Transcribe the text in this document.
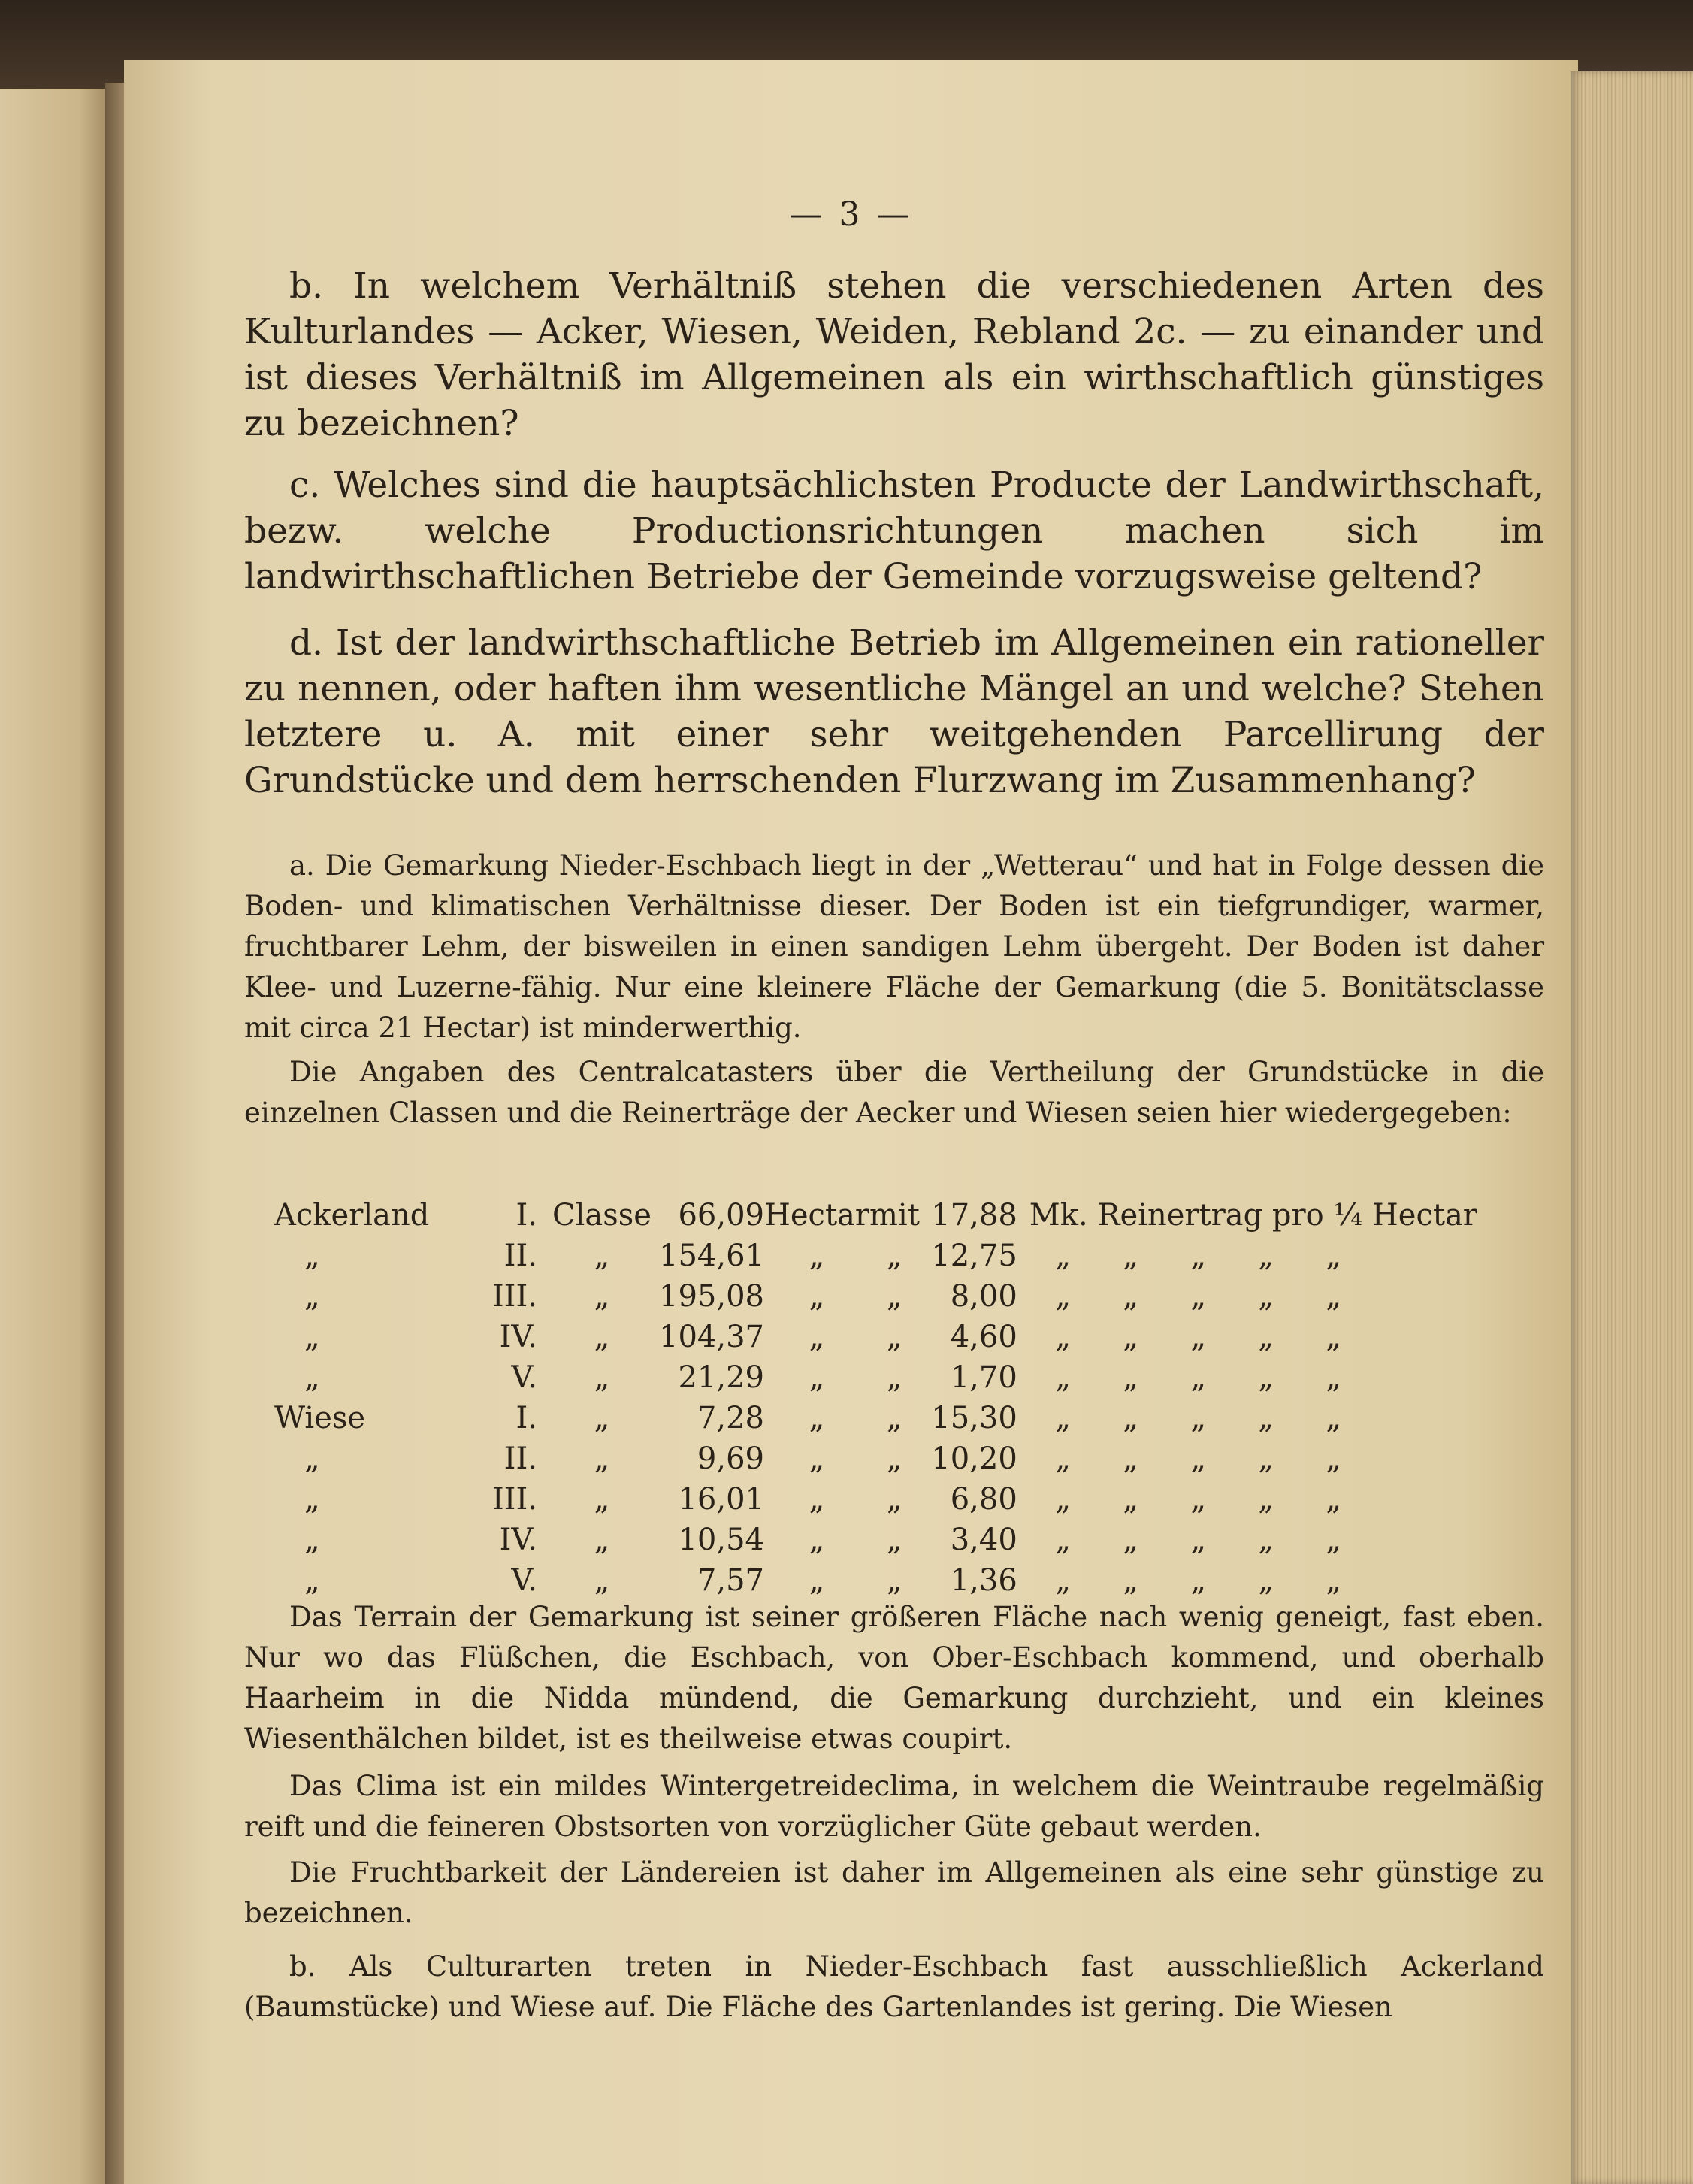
— 3 —

b. In welchem Verhältniß stehen die verschiedenen Arten des Kulturlandes — Acker, Wiesen, Weiden, Rebland 2c. — zu einander und ist dieses Verhältniß im Allgemeinen als ein wirthschaftlich günstiges zu bezeichnen?

c. Welches sind die hauptsächlichsten Producte der Landwirthschaft, bezw. welche Productionsrichtungen machen sich im landwirthschaftlichen Betriebe der Gemeinde vorzugsweise geltend?

d. Ist der landwirthschaftliche Betrieb im Allgemeinen ein rationeller zu nennen, oder haften ihm wesentliche Mängel an und welche? Stehen letztere u. A. mit einer sehr weitgehenden Parcellirung der Grundstücke und dem herrschenden Flurzwang im Zusammenhang?

a. Die Gemarkung Nieder-Eschbach liegt in der „Wetterau“ und hat in Folge dessen die Boden- und klimatischen Verhältnisse dieser. Der Boden ist ein tiefgrundiger, warmer, fruchtbarer Lehm, der bisweilen in einen sandigen Lehm übergeht. Der Boden ist daher Klee- und Luzerne-fähig. Nur eine kleinere Fläche der Gemarkung (die 5. Bonitätsclasse mit circa 21 Hectar) ist minderwerthig.

Die Angaben des Centralcatasters über die Vertheilung der Grundstücke in die einzelnen Classen und die Reinerträge der Aecker und Wiesen seien hier wiedergegeben:

Ackerland	I.	Classe	66,09	Hectar	mit	17,88	Mk. Reinertrag pro ¼ Hectar
„	II.	„	154,61	„	„	12,75	„ „ „ „ „
„	III.	„	195,08	„	„	8,00	„ „ „ „ „
„	IV.	„	104,37	„	„	4,60	„ „ „ „ „
„	V.	„	21,29	„	„	1,70	„ „ „ „ „
Wiese	I.	„	7,28	„	„	15,30	„ „ „ „ „
„	II.	„	9,69	„	„	10,20	„ „ „ „ „
„	III.	„	16,01	„	„	6,80	„ „ „ „ „
„	IV.	„	10,54	„	„	3,40	„ „ „ „ „
„	V.	„	7,57	„	„	1,36	„ „ „ „ „

Das Terrain der Gemarkung ist seiner größeren Fläche nach wenig geneigt, fast eben. Nur wo das Flüßchen, die Eschbach, von Ober-Eschbach kommend, und oberhalb Haarheim in die Nidda mündend, die Gemarkung durchzieht, und ein kleines Wiesenthälchen bildet, ist es theilweise etwas coupirt.

Das Clima ist ein mildes Wintergetreideclima, in welchem die Weintraube regelmäßig reift und die feineren Obstsorten von vorzüglicher Güte gebaut werden.

Die Fruchtbarkeit der Ländereien ist daher im Allgemeinen als eine sehr günstige zu bezeichnen.

b. Als Culturarten treten in Nieder-Eschbach fast ausschließlich Ackerland (Baumstücke) und Wiese auf. Die Fläche des Gartenlandes ist gering. Die Wiesen
